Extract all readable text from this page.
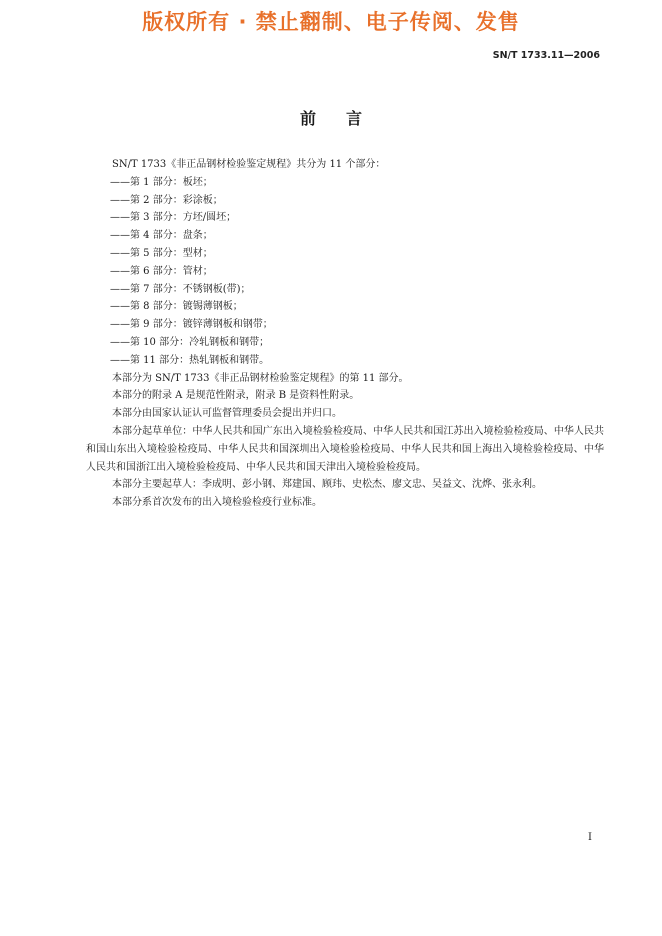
版权所有 · 禁止翻制、电子传阅、发售
SN/T 1733.11—2006
前言

SN/T 1733《非正品钢材检验鉴定规程》共分为 11 个部分：

——第 1 部分：板坯；

——第 2 部分：彩涂板；

——第 3 部分：方坯/圆坯；

——第 4 部分：盘条；

——第 5 部分：型材；

——第 6 部分：管材；

——第 7 部分：不锈钢板(带)；

——第 8 部分：镀锡薄钢板；

——第 9 部分：镀锌薄钢板和钢带；

——第 10 部分：冷轧钢板和钢带；

——第 11 部分：热轧钢板和钢带。

本部分为 SN/T 1733《非正品钢材检验鉴定规程》的第 11 部分。

本部分的附录 A 是规范性附录，附录 B 是资料性附录。

本部分由国家认证认可监督管理委员会提出并归口。

本部分起草单位：中华人民共和国广东出入境检验检疫局、中华人民共和国江苏出入境检验检疫局、中华人民共和国山东出入境检验检疫局、中华人民共和国深圳出入境检验检疫局、中华人民共和国上海出入境检验检疫局、中华人民共和国浙江出入境检验检疫局、中华人民共和国天津出入境检验检疫局。

本部分主要起草人：李成明、彭小钢、郑建国、顾玮、史松杰、廖文忠、吴益文、沈烨、张永利。

本部分系首次发布的出入境检验检疫行业标准。

I
